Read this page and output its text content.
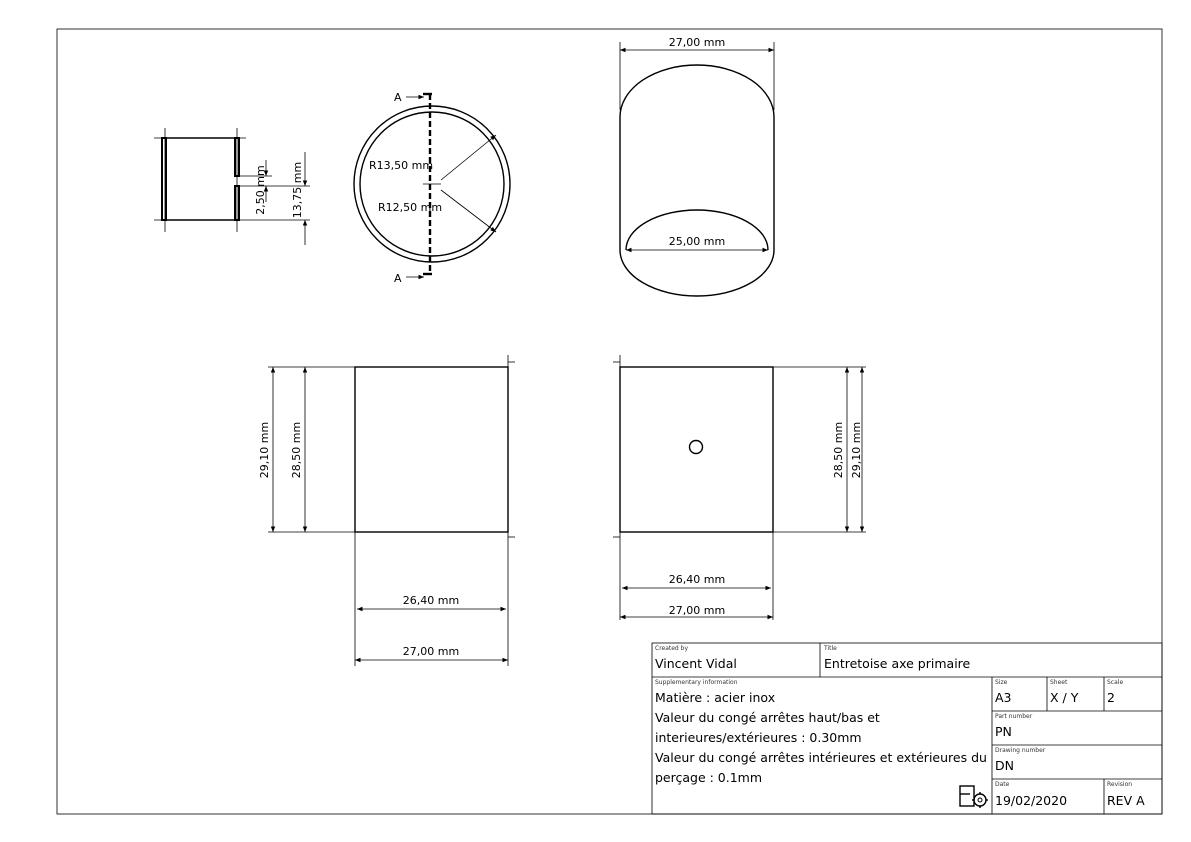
2,50 mm 13,75 mm
A
A
R13,50 mm
R12,50 mm
27,00 mm
25,00 mm
29,10 mm 28,50 mm
26,40 mm
27,00 mm
28,50 mm 29,10 mm
26,40 mm
27,00 mm
Created by
Vincent Vidal
Title
Entretoise axe primaire
Supplementary information
Matière : acier inox
Valeur du congé arrêtes haut/bas et
interieures/extérieures : 0.30mm
Valeur du congé arrêtes intérieures et extérieures du
perçage : 0.1mm
Size
A3
Sheet
X / Y
Scale
2
Part number
PN
Drawing number
DN
Date
19/02/2020
Revision
REV A
